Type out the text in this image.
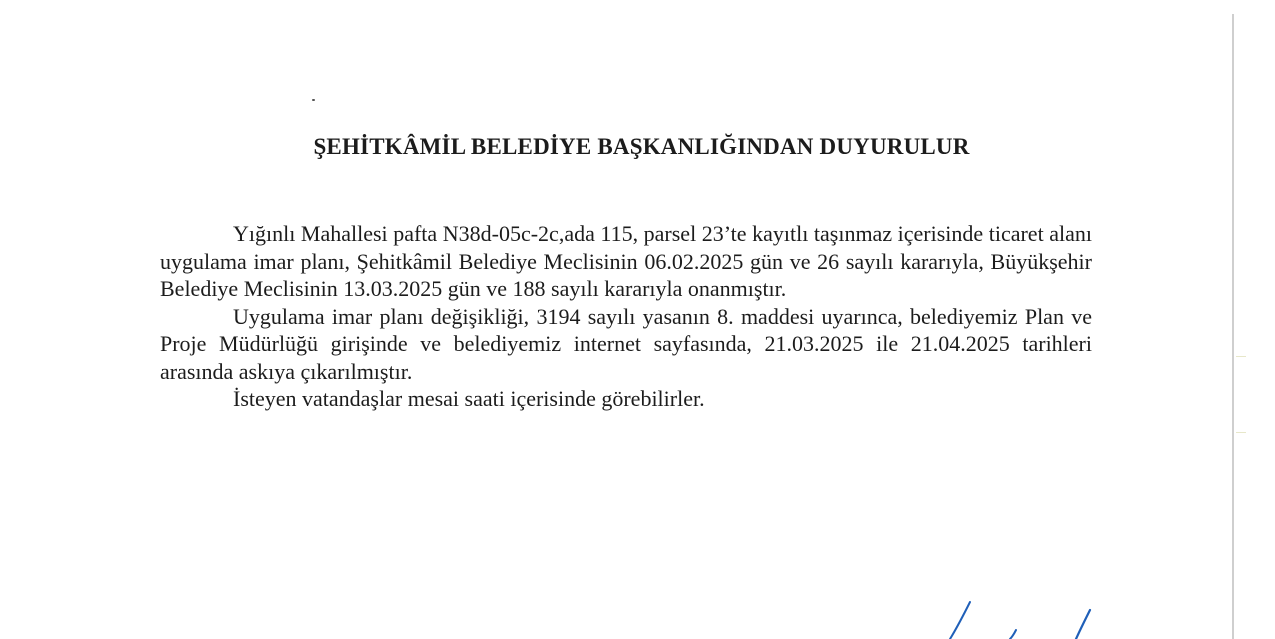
ŞEHİTKÂMİL BELEDİYE BAŞKANLIĞINDAN DUYURULUR

Yığınlı Mahallesi pafta N38d-05c-2c,ada 115, parsel 23’te kayıtlı taşınmaz içerisinde ticaret alanı uygulama imar planı, Şehitkâmil Belediye Meclisinin 06.02.2025 gün ve 26 sayılı kararıyla, Büyükşehir Belediye Meclisinin 13.03.2025 gün ve 188 sayılı kararıyla onanmıştır.

Uygulama imar planı değişikliği, 3194 sayılı yasanın 8. maddesi uyarınca, belediyemiz Plan ve Proje Müdürlüğü girişinde ve belediyemiz internet sayfasında, 21.03.2025 ile 21.04.2025 tarihleri arasında askıya çıkarılmıştır.

İsteyen vatandaşlar mesai saati içerisinde görebilirler.
